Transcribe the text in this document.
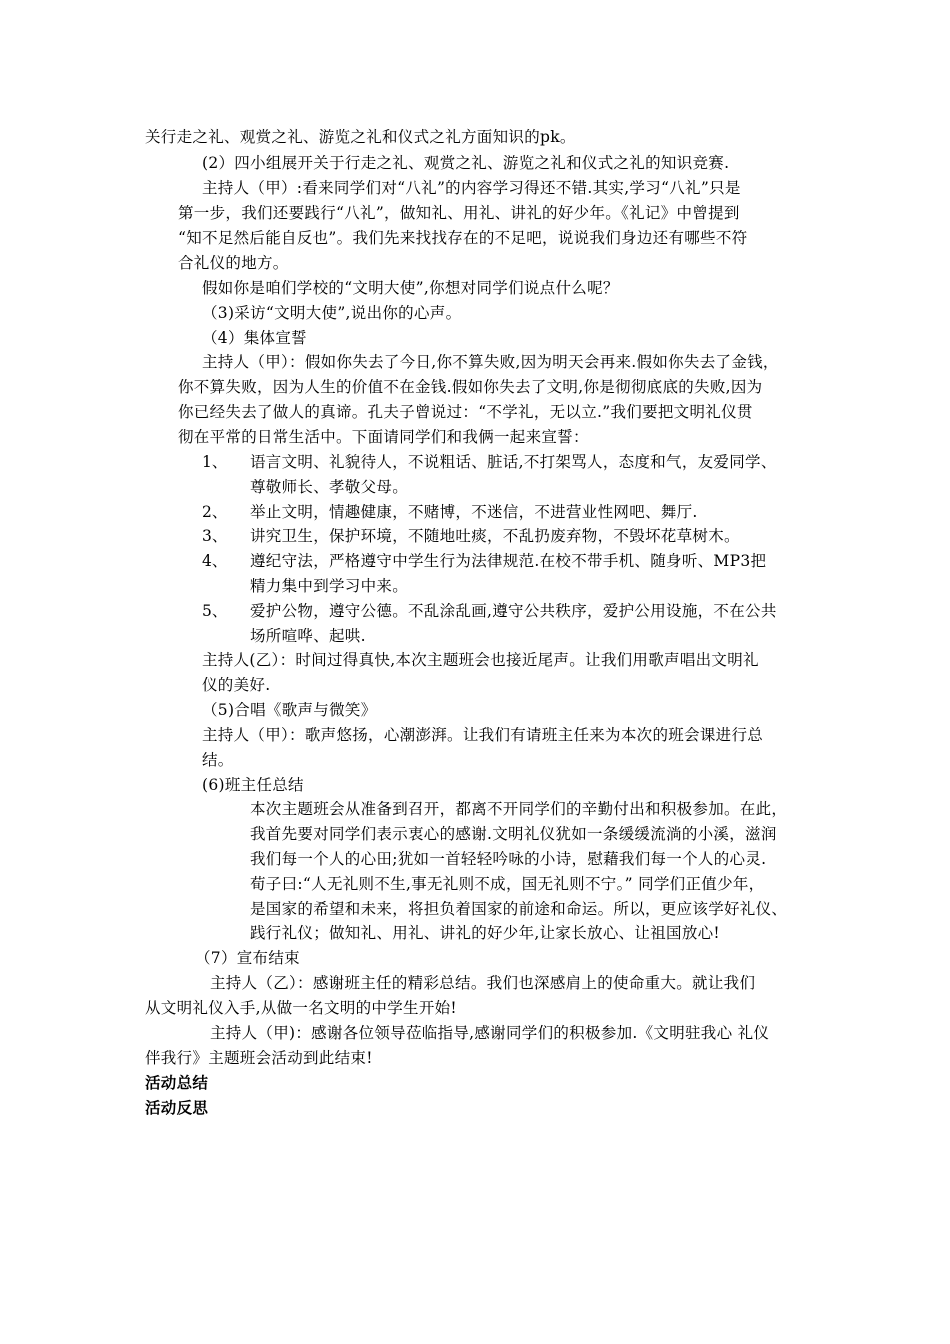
关行走之礼、观赏之礼、游览之礼和仪式之礼方面知识的pk。
(2）四小组展开关于行走之礼、观赏之礼、游览之礼和仪式之礼的知识竞赛.
主持人（甲）:看来同学们对“八礼”的内容学习得还不错.其实,学习“八礼”只是
第一步，我们还要践行“八礼”，做知礼、用礼、讲礼的好少年。《礼记》中曾提到
“知不足然后能自反也”。我们先来找找存在的不足吧，说说我们身边还有哪些不符
合礼仪的地方。
假如你是咱们学校的“文明大使”,你想对同学们说点什么呢？
（3)采访“文明大使”,说出你的心声。
（4）集体宣誓
主持人（甲）：假如你失去了今日,你不算失败,因为明天会再来.假如你失去了金钱，
你不算失败，因为人生的价值不在金钱.假如你失去了文明,你是彻彻底底的失败,因为
你已经失去了做人的真谛。孔夫子曾说过：“不学礼，无以立.”我们要把文明礼仪贯
彻在平常的日常生活中。下面请同学们和我俩一起来宣誓：
1、 语言文明、礼貌待人，不说粗话、脏话,不打架骂人，态度和气，友爱同学、
尊敬师长、孝敬父母。
2、 举止文明，情趣健康，不赌博，不迷信，不进营业性网吧、舞厅.
3、 讲究卫生，保护环境，不随地吐痰，不乱扔废弃物，不毁坏花草树木。
4、 遵纪守法，严格遵守中学生行为法律规范.在校不带手机、随身听、MP3把
精力集中到学习中来。
5、 爱护公物，遵守公德。不乱涂乱画,遵守公共秩序，爱护公用设施，不在公共
场所喧哗、起哄.
主持人(乙）：时间过得真快,本次主题班会也接近尾声。让我们用歌声唱出文明礼
仪的美好.
（5)合唱《歌声与微笑》
主持人（甲）：歌声悠扬，心潮澎湃。让我们有请班主任来为本次的班会课进行总
结。
(6)班主任总结
本次主题班会从准备到召开，都离不开同学们的辛勤付出和积极参加。在此，
我首先要对同学们表示衷心的感谢.文明礼仪犹如一条缓缓流淌的小溪，滋润
我们每一个人的心田;犹如一首轻轻吟咏的小诗，慰藉我们每一个人的心灵.
荀子曰:“人无礼则不生,事无礼则不成，国无礼则不宁。” 同学们正值少年，
是国家的希望和未来，将担负着国家的前途和命运。所以，更应该学好礼仪、
践行礼仪；做知礼、用礼、讲礼的好少年,让家长放心、让祖国放心!
（7）宣布结束
主持人（乙）：感谢班主任的精彩总结。我们也深感肩上的使命重大。就让我们
从文明礼仪入手,从做一名文明的中学生开始!
主持人（甲)：感谢各位领导莅临指导,感谢同学们的积极参加.《文明驻我心 礼仪
伴我行》主题班会活动到此结束!
活动总结
活动反思
